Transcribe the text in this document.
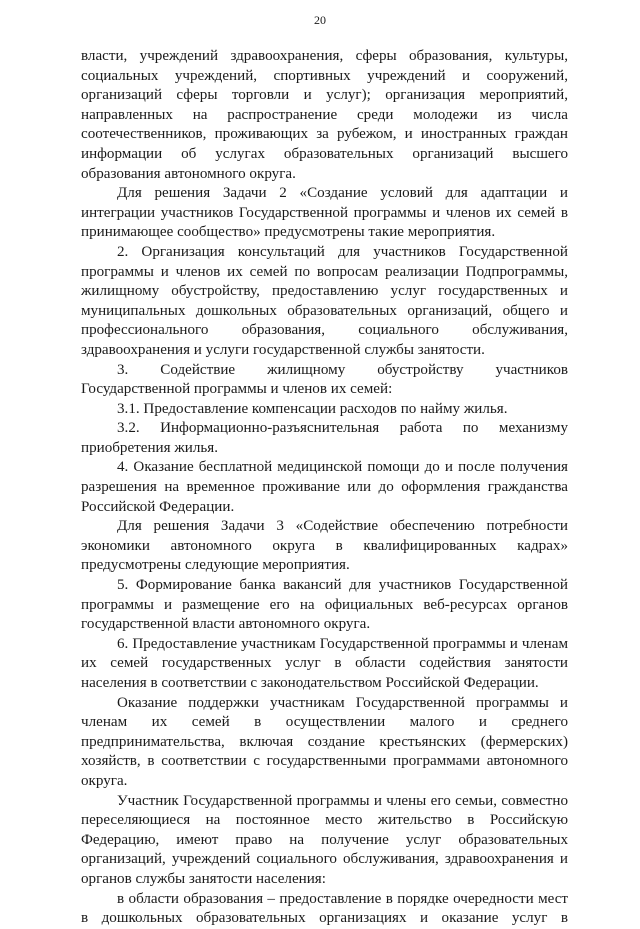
20

власти, учреждений здравоохранения, сферы образования, культуры, социальных учреждений, спортивных учреждений и сооружений, организаций сферы торговли и услуг); организация мероприятий, направленных на распространение среди молодежи из числа соотечественников, проживающих за рубежом, и иностранных граждан информации об услугах образовательных организаций высшего образования автономного округа.

Для решения Задачи 2 «Создание условий для адаптации и интеграции участников Государственной программы и членов их семей в принимающее сообщество» предусмотрены такие мероприятия.

2. Организация консультаций для участников Государственной программы и членов их семей по вопросам реализации Подпрограммы, жилищному обустройству, предоставлению услуг государственных и муниципальных дошкольных образовательных организаций, общего и профессионального образования, социального обслуживания, здравоохранения и услуги государственной службы занятости.

3. Содействие жилищному обустройству участников Государственной программы и членов их семей:

3.1. Предоставление компенсации расходов по найму жилья.

3.2. Информационно-разъяснительная работа по механизму приобретения жилья.

4. Оказание бесплатной медицинской помощи до и после получения разрешения на временное проживание или до оформления гражданства Российской Федерации.

Для решения Задачи 3 «Содействие обеспечению потребности экономики автономного округа в квалифицированных кадрах» предусмотрены следующие мероприятия.

5. Формирование банка вакансий для участников Государственной программы и размещение его на официальных веб-ресурсах органов государственной власти автономного округа.

6. Предоставление участникам Государственной программы и членам их семей государственных услуг в области содействия занятости населения в соответствии с законодательством Российской Федерации.

Оказание поддержки участникам Государственной программы и членам их семей в осуществлении малого и среднего предпринимательства, включая создание крестьянских (фермерских) хозяйств, в соответствии с государственными программами автономного округа.

Участник Государственной программы и члены его семьи, совместно переселяющиеся на постоянное место жительство в Российскую Федерацию, имеют право на получение услуг образовательных организаций, учреждений социального обслуживания, здравоохранения и органов службы занятости населения:

в области образования – предоставление в порядке очередности мест в дошкольных образовательных организациях и оказание услуг в
